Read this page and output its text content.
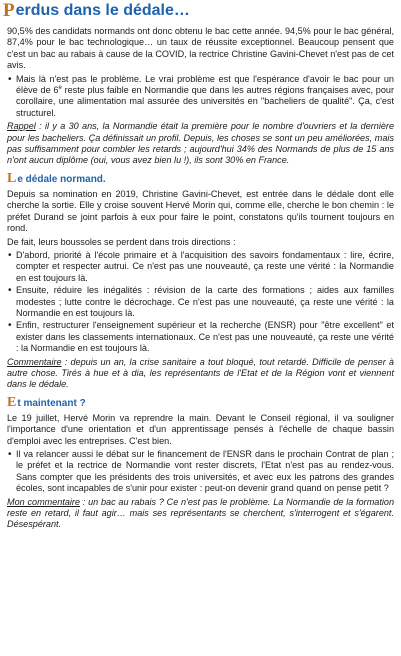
Perdus dans le dédale…

90,5% des candidats normands ont donc obtenu le bac cette année. 94,5% pour le bac général, 87,4% pour le bac technologique… un taux de réussite exceptionnel. Beaucoup pensent que c'est un bac au rabais à cause de la COVID, la rectrice Christine Gavini-Chevet n'est pas de cet avis.

• Mais là n'est pas le problème. Le vrai problème est que l'espérance d'avoir le bac pour un élève de 6e reste plus faible en Normandie que dans les autres régions françaises avec, pour corollaire, une alimentation mal assurée des universités en "bacheliers de qualité". Ça, c'est structurel.

Rappel : il y a 30 ans, la Normandie était la première pour le nombre d'ouvriers et la dernière pour les bacheliers. Ça définissait un profil. Depuis, les choses se sont un peu améliorées, mais pas suffisamment pour combler les retards ; aujourd'hui 34% des Normands de plus de 15 ans n'ont aucun diplôme (oui, vous avez bien lu !), ils sont 30% en France.

Le dédale normand.

Depuis sa nomination en 2019, Christine Gavini-Chevet, est entrée dans le dédale dont elle cherche la sortie. Elle y croise souvent Hervé Morin qui, comme elle, cherche le bon chemin : le préfet Durand se joint parfois à eux pour faire le point, constatons qu'ils tournent toujours en rond.

De fait, leurs boussoles se perdent dans trois directions :

• D'abord, priorité à l'école primaire et à l'acquisition des savoirs fondamentaux : lire, écrire, compter et respecter autrui. Ce n'est pas une nouveauté, ça reste une vérité : la Normandie en est toujours là.
• Ensuite, réduire les inégalités : révision de la carte des formations ; aides aux familles modestes ; lutte contre le décrochage. Ce n'est pas une nouveauté, ça reste une vérité : la Normandie en est toujours là.
• Enfin, restructurer l'enseignement supérieur et la recherche (ENSR) pour "être excellent" et exister dans les classements internationaux. Ce n'est pas une nouveauté, ça reste une vérité : la Normandie en est toujours là.

Commentaire : depuis un an, la crise sanitaire a tout bloqué, tout retardé. Difficile de penser à autre chose. Tirés à hue et à dia, les représentants de l'Etat et de la Région vont et viennent dans le dédale.

Et maintenant ?

Le 19 juillet, Hervé Morin va reprendre la main. Devant le Conseil régional, il va souligner l'importance d'une orientation et d'un apprentissage pensés à l'échelle de chaque bassin d'emploi avec les entreprises. C'est bien.

• Il va relancer aussi le débat sur le financement de l'ENSR dans le prochain Contrat de plan ; le préfet et la rectrice de Normandie vont rester discrets, l'Etat n'est pas au rendez-vous. Sans compter que les présidents des trois universités, et avec eux les patrons des grandes écoles, sont incapables de s'unir pour exister : peut-on devenir grand quand on pense petit ?

Mon commentaire : un bac au rabais ? Ce n'est pas le problème. La Normandie de la formation reste en retard, il faut agir… mais ses représentants se cherchent, s'interrogent et s'égarent. Désespérant.
